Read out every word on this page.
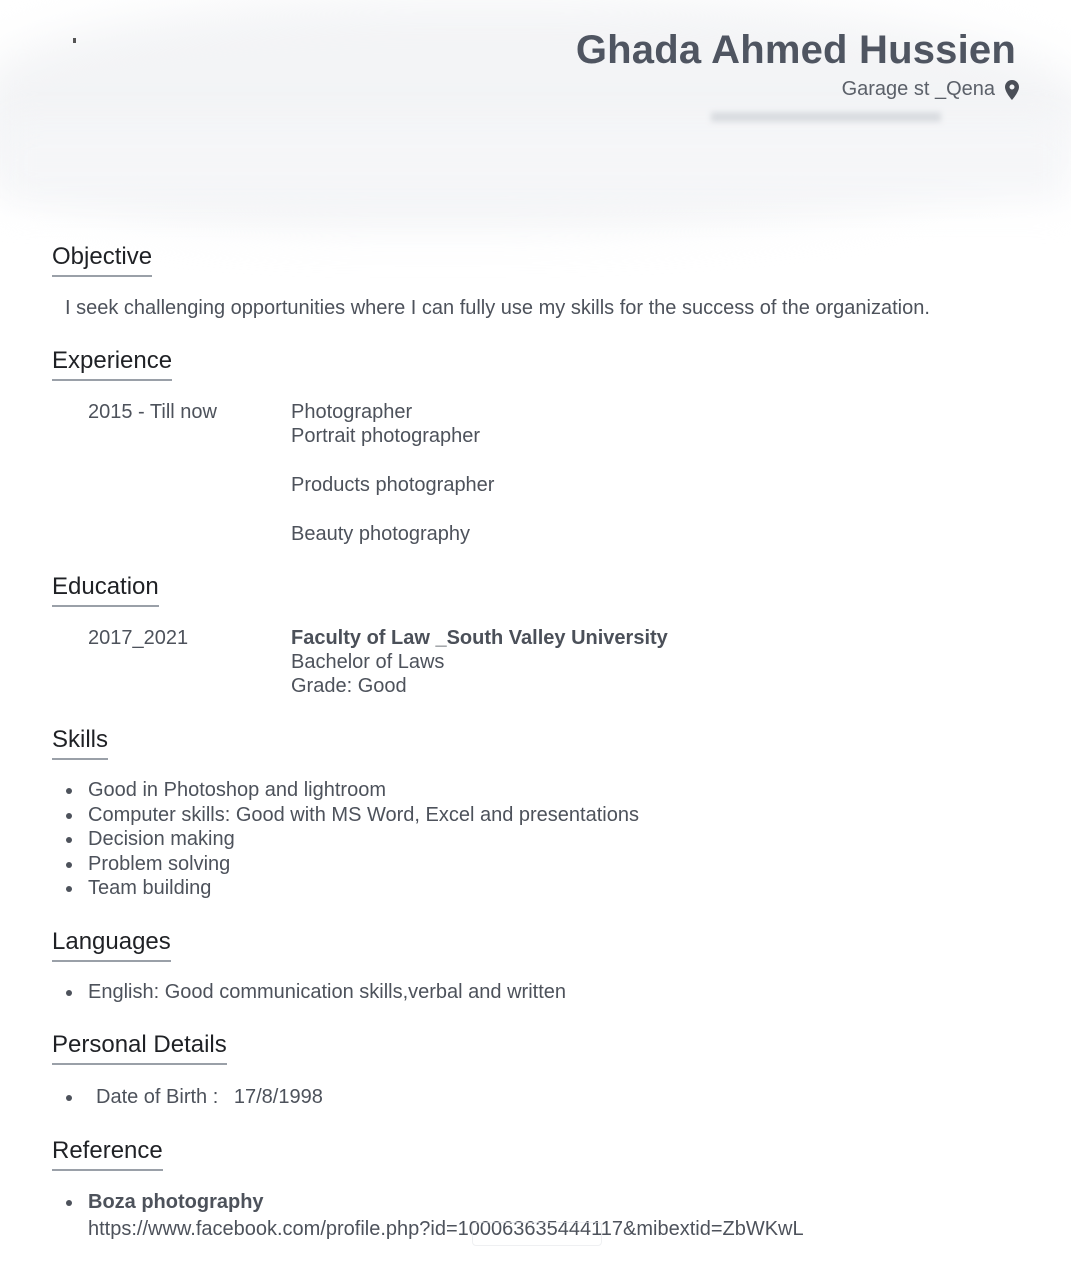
Ghada Ahmed Hussien
Garage st _Qena
Objective
I seek challenging opportunities where I can fully use my skills for the success of the organization.
Experience
2015 - Till now	Photographer
Portrait photographer
Products photographer
Beauty photography
Education
2017_2021	Faculty of Law _South Valley University
Bachelor of Laws
Grade: Good
Skills
Good in Photoshop and lightroom
Computer skills: Good with MS Word, Excel and presentations
Decision making
Problem solving
Team building
Languages
English: Good communication skills,verbal and written
Personal Details
Date of Birth : 17/8/1998
Reference
Boza photography
https://www.facebook.com/profile.php?id=100063635444117&mibextid=ZbWKwL
